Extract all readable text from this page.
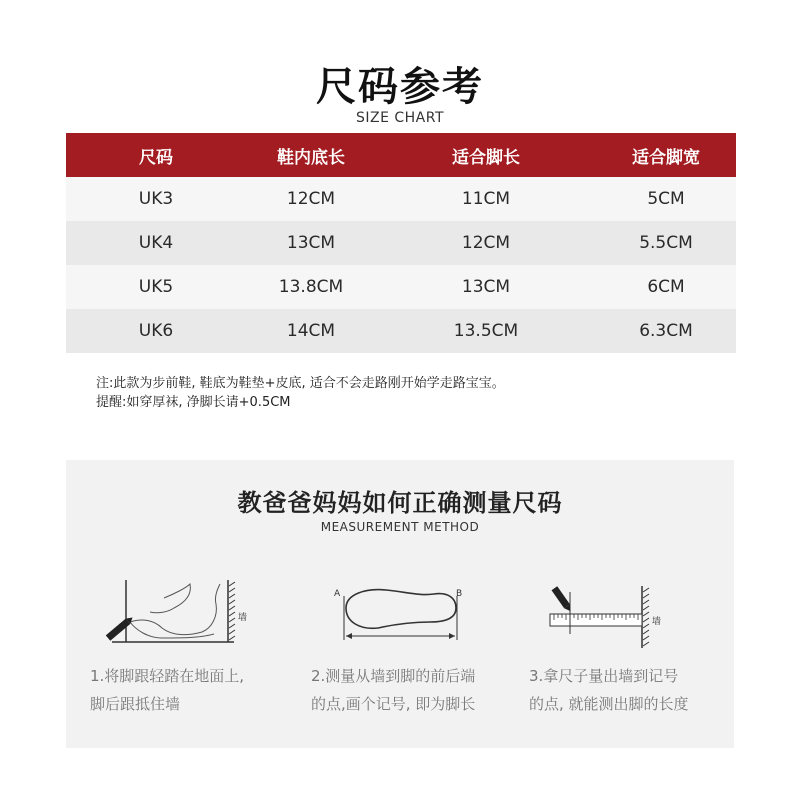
尺码参考
SIZE CHART
尺码	鞋内底长	适合脚长	适合脚宽
UK3	12CM	11CM	5CM
UK4	13CM	12CM	5.5CM
UK5	13.8CM	13CM	6CM
UK6	14CM	13.5CM	6.3CM
注:此款为步前鞋, 鞋底为鞋垫+皮底, 适合不会走路刚开始学走路宝宝。
提醒:如穿厚袜, 净脚长请+0.5CM
教爸爸妈妈如何正确测量尺码
MEASUREMENT METHOD
墙
A	B
墙
1.将脚跟轻踏在地面上,
脚后跟抵住墙
2.测量从墙到脚的前后端
的点,画个记号, 即为脚长
3.拿尺子量出墙到记号
的点, 就能测出脚的长度
